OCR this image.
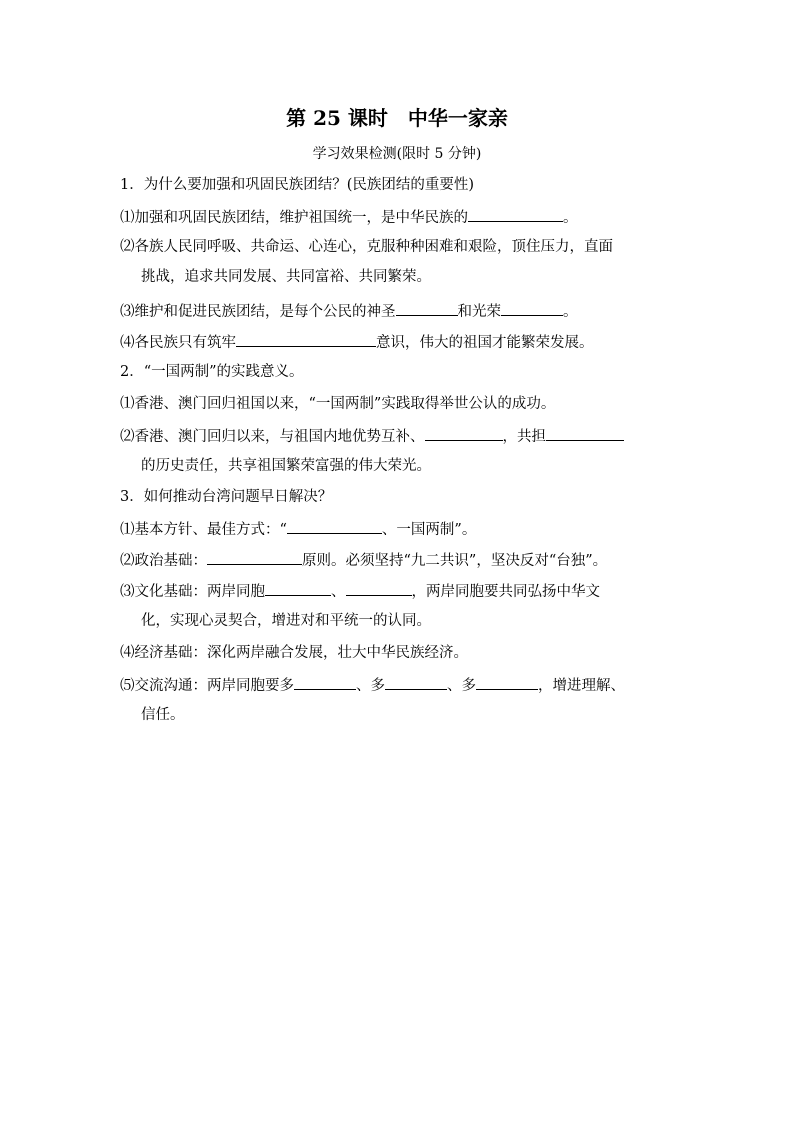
第 25 课时　中华一家亲
学习效果检测(限时 5 分钟)
1．为什么要加强和巩固民族团结？(民族团结的重要性)
⑴加强和巩固民族团结，维护祖国统一，是中华民族的	。
⑵各族人民同呼吸、共命运、心连心，克服种种困难和艰险，顶住压力，直面
挑战，追求共同发展、共同富裕、共同繁荣。
⑶维护和促进民族团结，是每个公民的神圣	和光荣	。
⑷各民族只有筑牢	意识，伟大的祖国才能繁荣发展。
2．“一国两制”的实践意义。
⑴香港、澳门回归祖国以来，“一国两制”实践取得举世公认的成功。
⑵香港、澳门回归以来，与祖国内地优势互补、	，共担
的历史责任，共享祖国繁荣富强的伟大荣光。
3．如何推动台湾问题早日解决？
⑴基本方针、最佳方式：“	、一国两制”。
⑵政治基础：	原则。必须坚持“九二共识”，坚决反对“台独”。
⑶文化基础：两岸同胞	、	，两岸同胞要共同弘扬中华文
化，实现心灵契合，增进对和平统一的认同。
⑷经济基础：深化两岸融合发展，壮大中华民族经济。
⑸交流沟通：两岸同胞要多	、多	、多	，增进理解、
信任。
